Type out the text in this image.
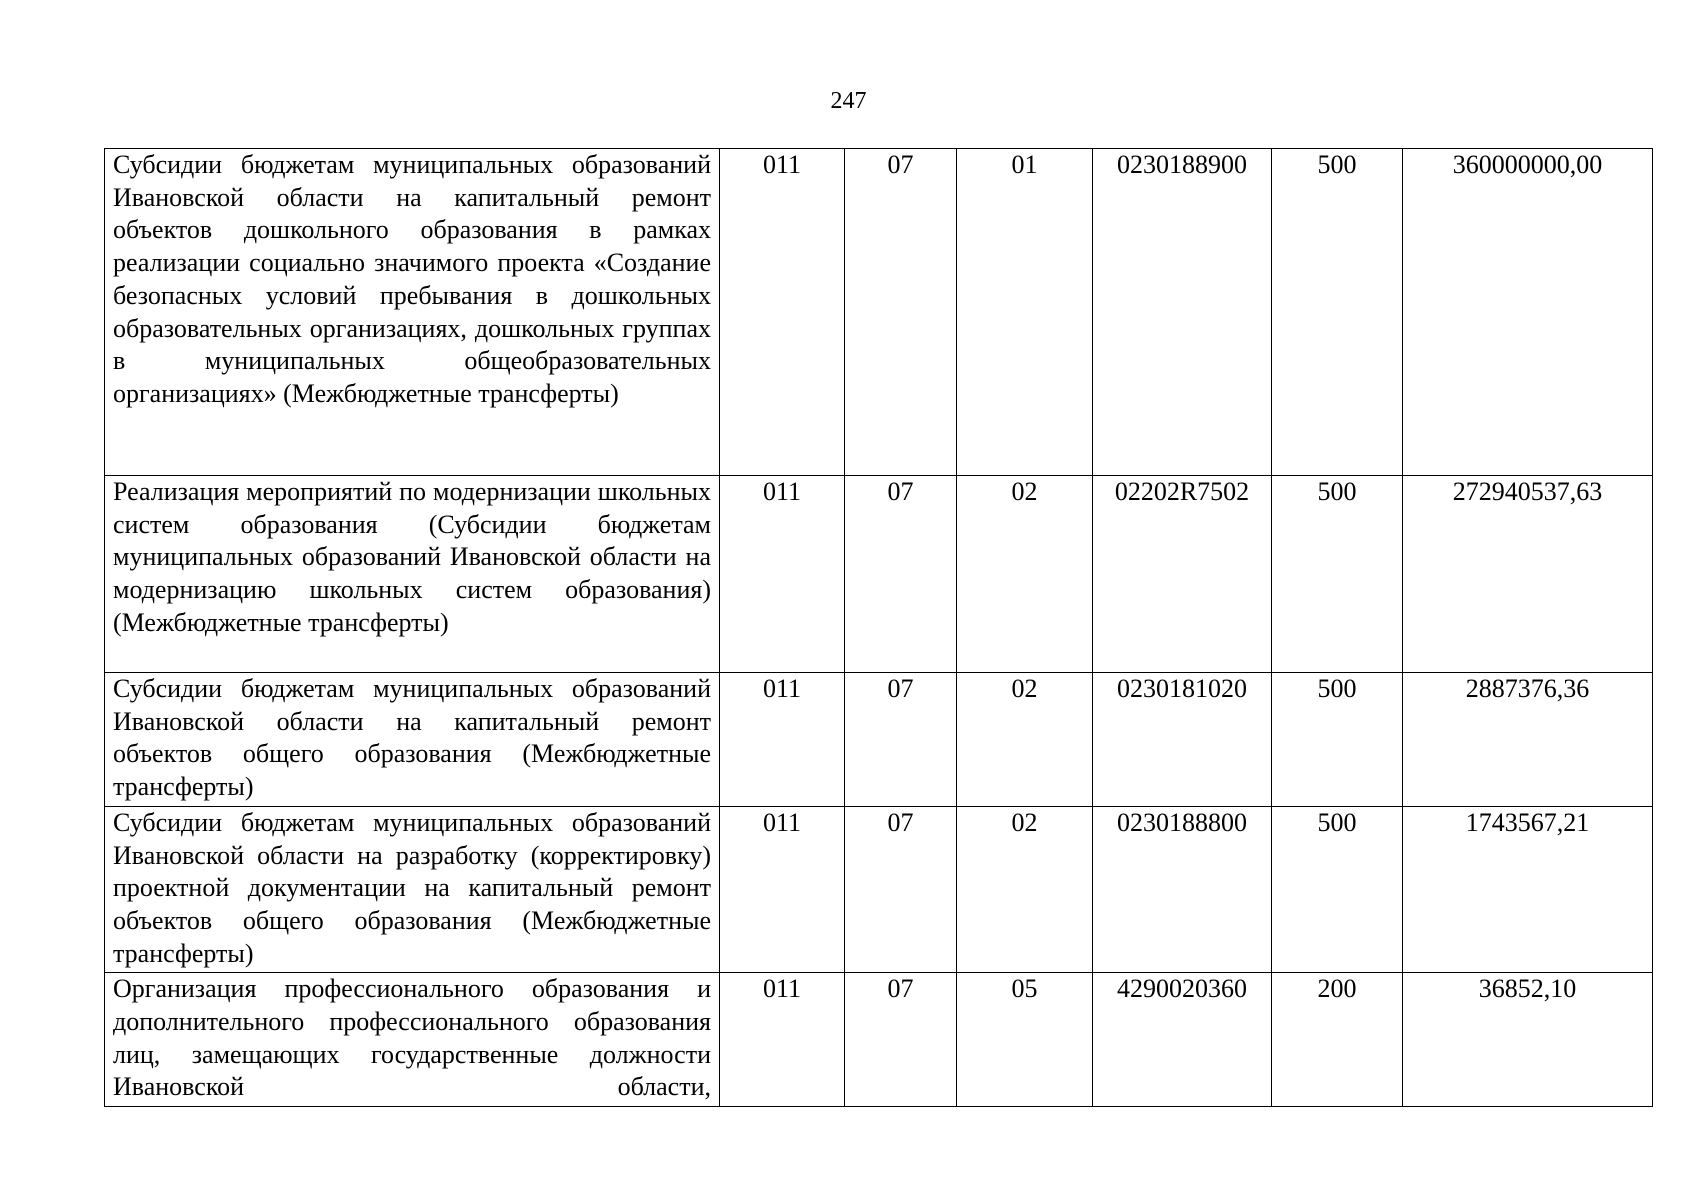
247
Субсидии бюджетам муниципальных образований Ивановской области на капитальный ремонт объектов дошкольного образования в рамках реализации социально значимого проекта «Создание безопасных условий пребывания в дошкольных образовательных организациях, дошкольных группах в муниципальных общеобразовательных организациях» (Межбюджетные трансферты)	011	07	01	0230188900	500	360000000,00
Реализация мероприятий по модернизации школьных систем образования (Субсидии бюджетам муниципальных образований Ивановской области на модернизацию школьных систем образования) (Межбюджетные трансферты)	011	07	02	02202R7502	500	272940537,63
Субсидии бюджетам муниципальных образований Ивановской области на капитальный ремонт объектов общего образования (Межбюджетные трансферты)	011	07	02	0230181020	500	2887376,36
Субсидии бюджетам муниципальных образований Ивановской области на разработку (корректировку) проектной документации на капитальный ремонт объектов общего образования (Межбюджетные трансферты)	011	07	02	0230188800	500	1743567,21
Организация профессионального образования и дополнительного профессионального образования лиц, замещающих государственные должности Ивановской области,	011	07	05	4290020360	200	36852,10
